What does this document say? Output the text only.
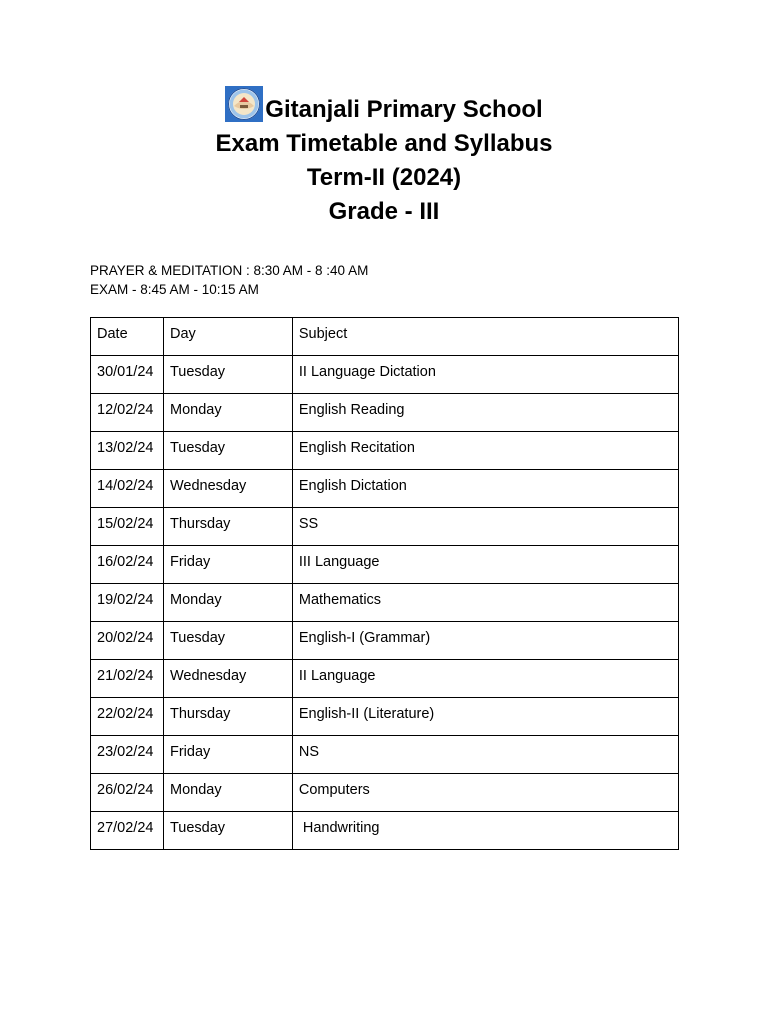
Gitanjali Primary School
Exam Timetable and Syllabus
Term-II (2024)
Grade - III
PRAYER & MEDITATION : 8:30 AM - 8 :40 AM
EXAM - 8:45 AM - 10:15 AM
Date	Day	Subject
30/01/24	Tuesday	II Language Dictation
12/02/24	Monday	English Reading
13/02/24	Tuesday	English Recitation
14/02/24	Wednesday	English Dictation
15/02/24	Thursday	SS
16/02/24	Friday	III Language
19/02/24	Monday	Mathematics
20/02/24	Tuesday	English-I (Grammar)
21/02/24	Wednesday	II Language
22/02/24	Thursday	English-II (Literature)
23/02/24	Friday	NS
26/02/24	Monday	Computers
27/02/24	Tuesday	Handwriting
